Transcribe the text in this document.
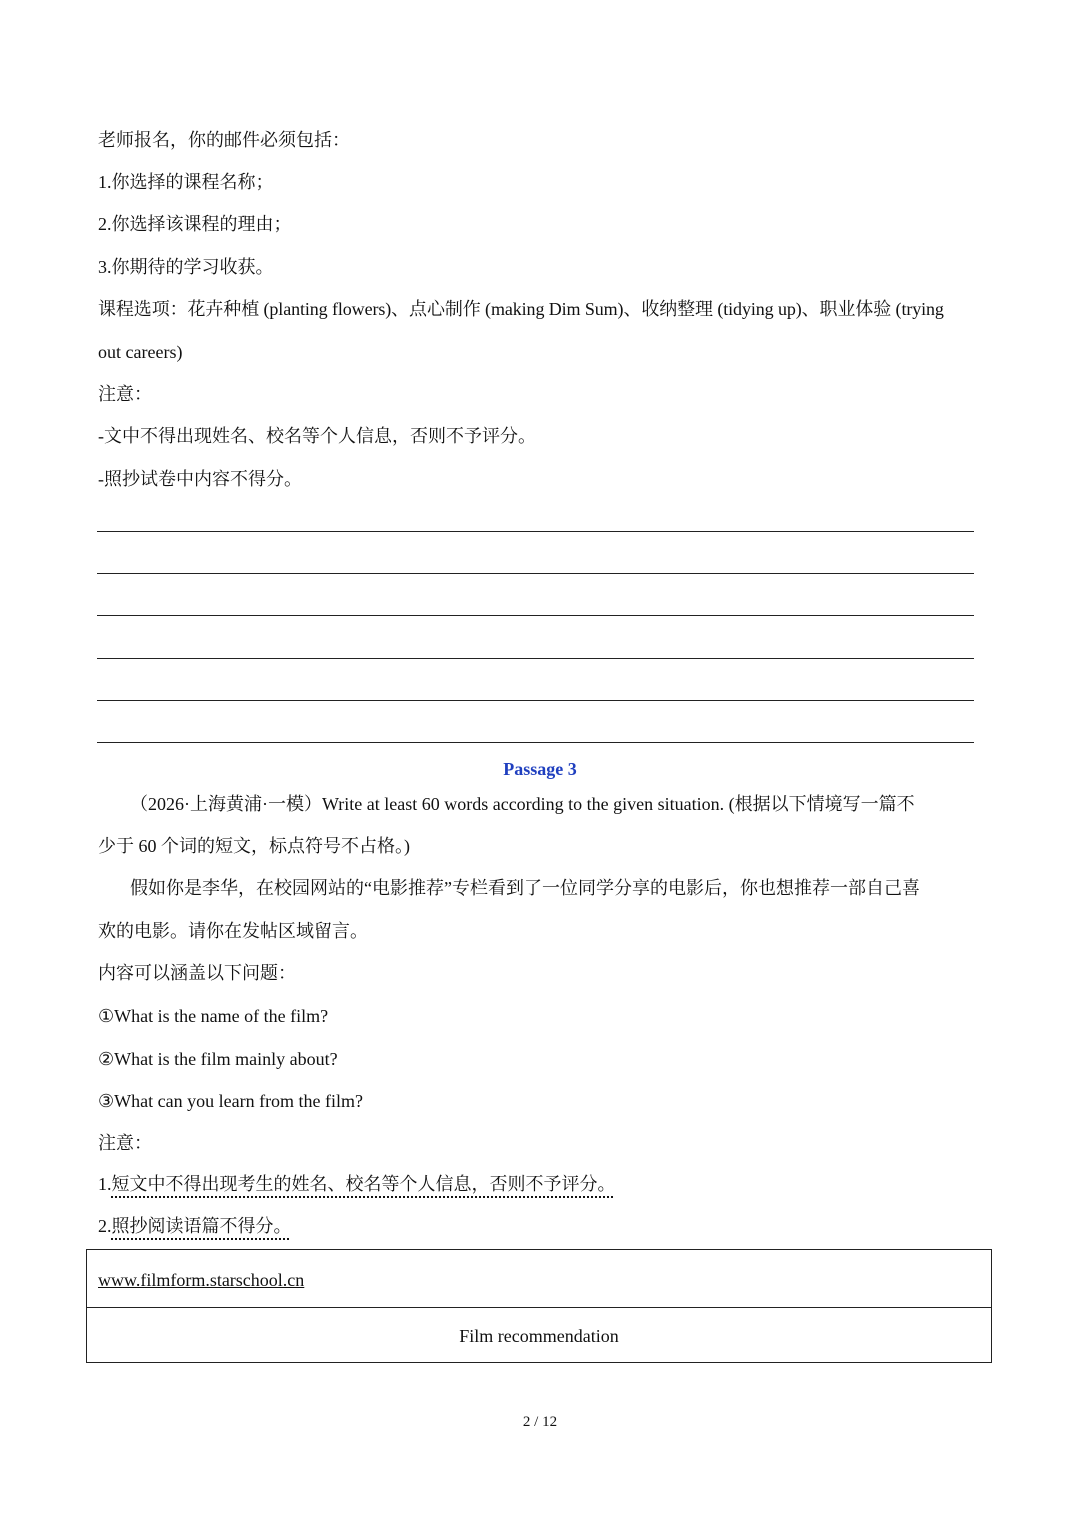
老师报名，你的邮件必须包括：
1.你选择的课程名称；
2.你选择该课程的理由；
3.你期待的学习收获。
课程选项：花卉种植 (planting flowers)、点心制作 (making Dim Sum)、收纳整理 (tidying up)、职业体验 (trying
out careers)
注意：
-文中不得出现姓名、校名等个人信息，否则不予评分。
-照抄试卷中内容不得分。
Passage 3
（2026·上海黄浦·一模）Write at least 60 words according to the given situation. (根据以下情境写一篇不
少于 60 个词的短文，标点符号不占格。)
假如你是李华，在校园网站的“电影推荐”专栏看到了一位同学分享的电影后，你也想推荐一部自己喜
欢的电影。请你在发帖区域留言。
内容可以涵盖以下问题：
①What is the name of the film?
②What is the film mainly about?
③What can you learn from the film?
注意：
1.短文中不得出现考生的姓名、校名等个人信息，否则不予评分。
2.照抄阅读语篇不得分。
www.filmform.starschool.cn
Film recommendation
2 / 12
